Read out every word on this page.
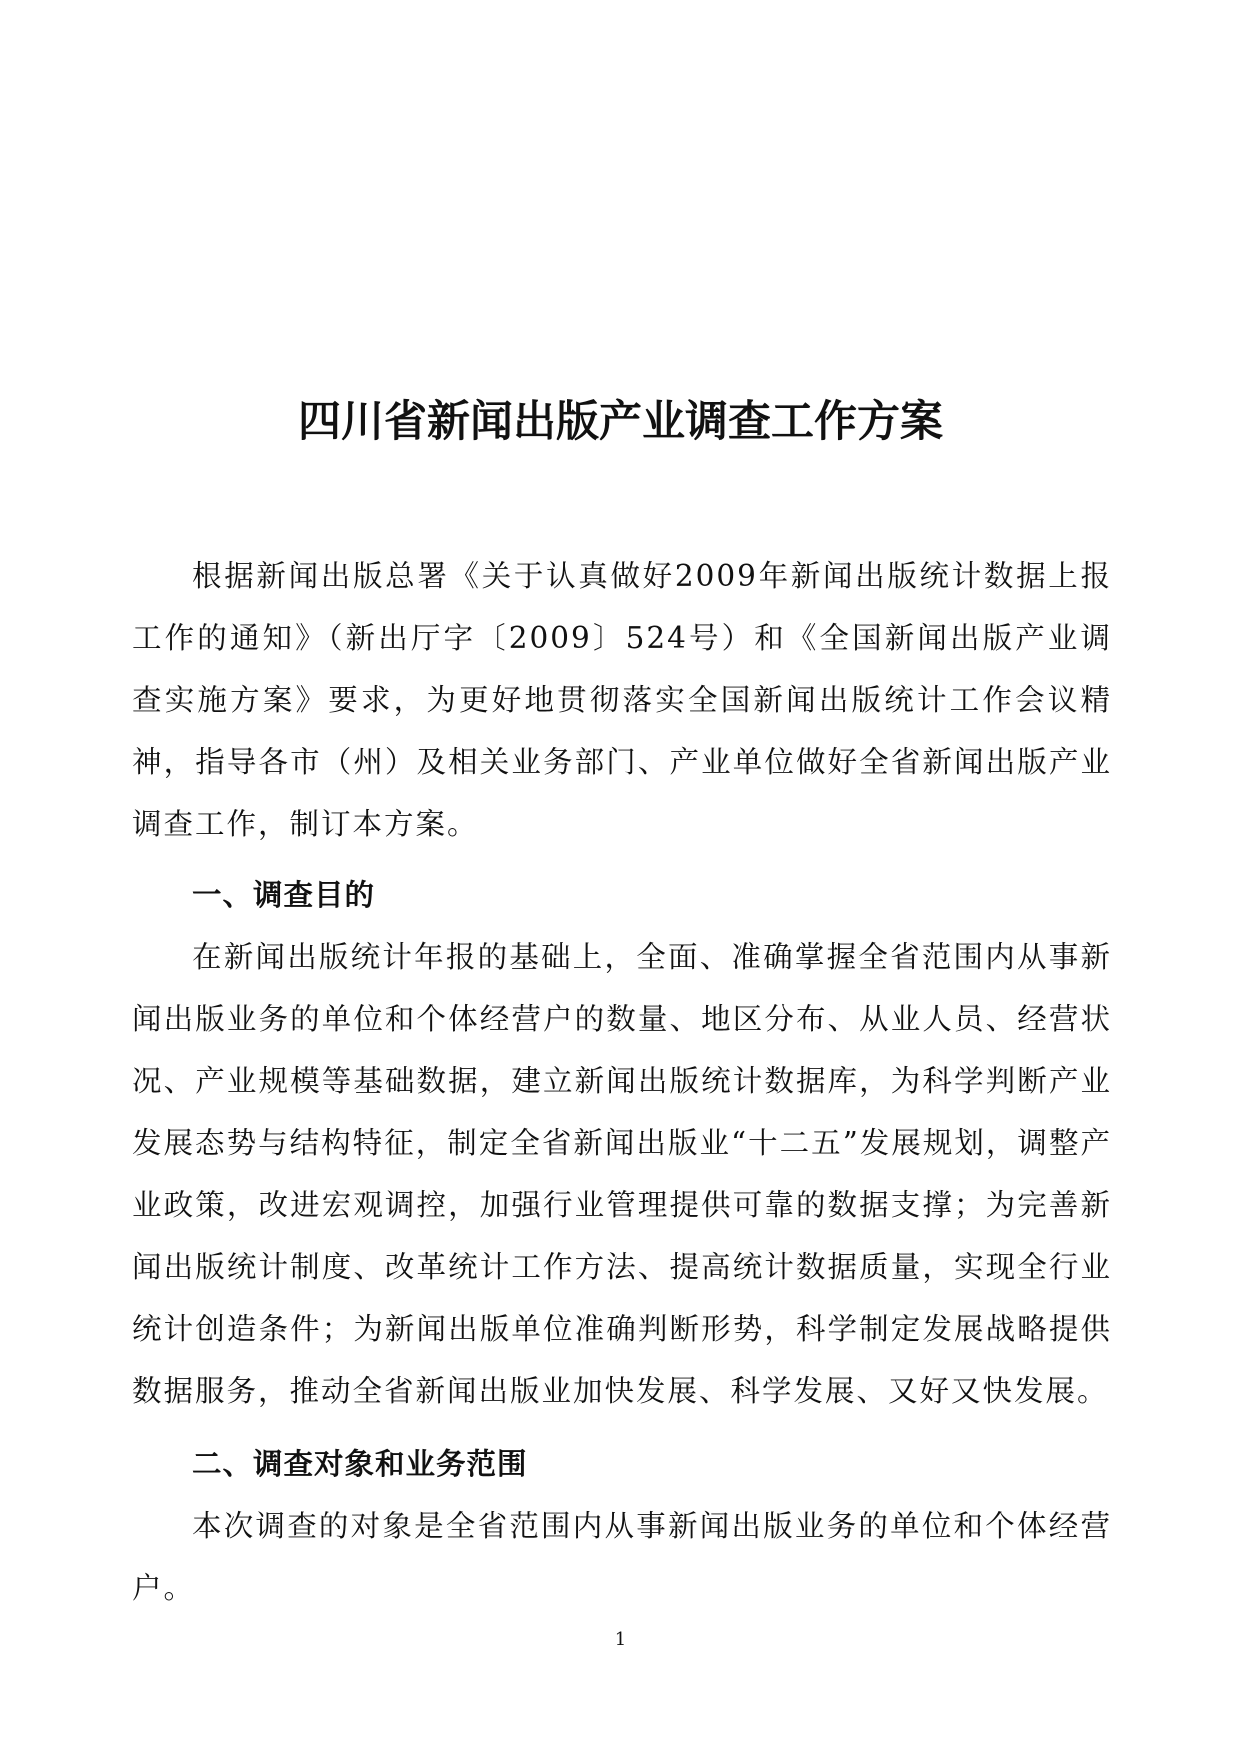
四川省新闻出版产业调查工作方案

根据新闻出版总署《关于认真做好2009年新闻出版统计数据上报工作的通知》（新出厅字〔2009〕524号）和《全国新闻出版产业调查实施方案》要求，为更好地贯彻落实全国新闻出版统计工作会议精神，指导各市（州）及相关业务部门、产业单位做好全省新闻出版产业调查工作，制订本方案。

一、调查目的

在新闻出版统计年报的基础上，全面、准确掌握全省范围内从事新闻出版业务的单位和个体经营户的数量、地区分布、从业人员、经营状况、产业规模等基础数据，建立新闻出版统计数据库，为科学判断产业发展态势与结构特征，制定全省新闻出版业“十二五”发展规划，调整产业政策，改进宏观调控，加强行业管理提供可靠的数据支撑；为完善新闻出版统计制度、改革统计工作方法、提高统计数据质量，实现全行业统计创造条件；为新闻出版单位准确判断形势，科学制定发展战略提供数据服务，推动全省新闻出版业加快发展、科学发展、又好又快发展。

二、调查对象和业务范围

本次调查的对象是全省范围内从事新闻出版业务的单位和个体经营户。

1
